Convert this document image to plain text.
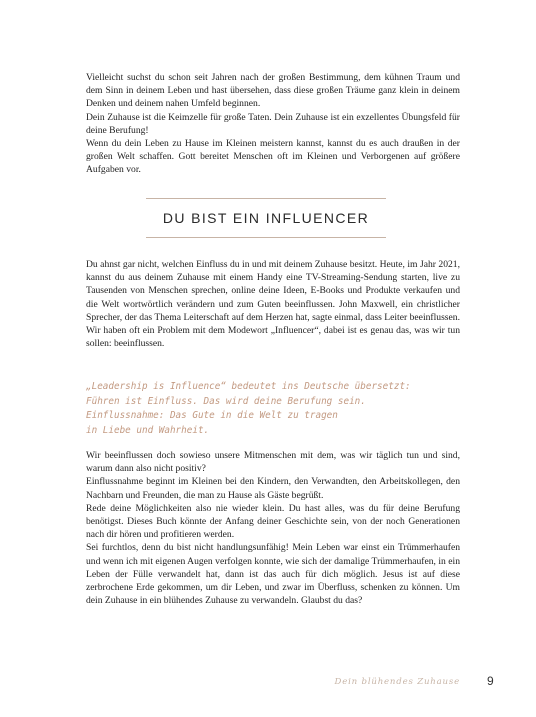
Vielleicht suchst du schon seit Jahren nach der großen Bestimmung, dem kühnen Traum und dem Sinn in deinem Leben und hast übersehen, dass diese großen Träume ganz klein in deinem Denken und deinem nahen Umfeld beginnen.

Dein Zuhause ist die Keimzelle für große Taten. Dein Zuhause ist ein exzellentes Übungsfeld für deine Berufung!

Wenn du dein Leben zu Hause im Kleinen meistern kannst, kannst du es auch draußen in der großen Welt schaffen. Gott bereitet Menschen oft im Kleinen und Verborgenen auf größere Aufgaben vor.

DU BIST EIN INFLUENCER

Du ahnst gar nicht, welchen Einfluss du in und mit deinem Zuhause besitzt. Heute, im Jahr 2021, kannst du aus deinem Zuhause mit einem Handy eine TV-Streaming-Sendung starten, live zu Tausenden von Menschen sprechen, online deine Ideen, E-Books und Produkte verkaufen und die Welt wortwörtlich verändern und zum Guten beeinflussen. John Maxwell, ein christlicher Sprecher, der das Thema Leiterschaft auf dem Herzen hat, sagte einmal, dass Leiter beeinflussen. Wir haben oft ein Problem mit dem Modewort „Influencer“, dabei ist es genau das, was wir tun sollen: beeinflussen.

„Leadership is Influence“ bedeutet ins Deutsche übersetzt:

Führen ist Einfluss. Das wird deine Berufung sein.

Einflussnahme: Das Gute in die Welt zu tragen

in Liebe und Wahrheit.

Wir beeinflussen doch sowieso unsere Mitmenschen mit dem, was wir täglich tun und sind, warum dann also nicht positiv?

Einflussnahme beginnt im Kleinen bei den Kindern, den Verwandten, den Arbeitskollegen, den Nachbarn und Freunden, die man zu Hause als Gäste begrüßt.

Rede deine Möglichkeiten also nie wieder klein. Du hast alles, was du für deine Berufung benötigst. Dieses Buch könnte der Anfang deiner Geschichte sein, von der noch Generationen nach dir hören und profitieren werden.

Sei furchtlos, denn du bist nicht handlungsunfähig! Mein Leben war einst ein Trümmerhaufen und wenn ich mit eigenen Augen verfolgen konnte, wie sich der damalige Trümmerhaufen, in ein Leben der Fülle verwandelt hat, dann ist das auch für dich möglich. Jesus ist auf diese zerbrochene Erde gekommen, um dir Leben, und zwar im Überfluss, schenken zu können. Um dein Zuhause in ein blühendes Zuhause zu verwandeln. Glaubst du das?

Dein blühendes Zuhause 9
